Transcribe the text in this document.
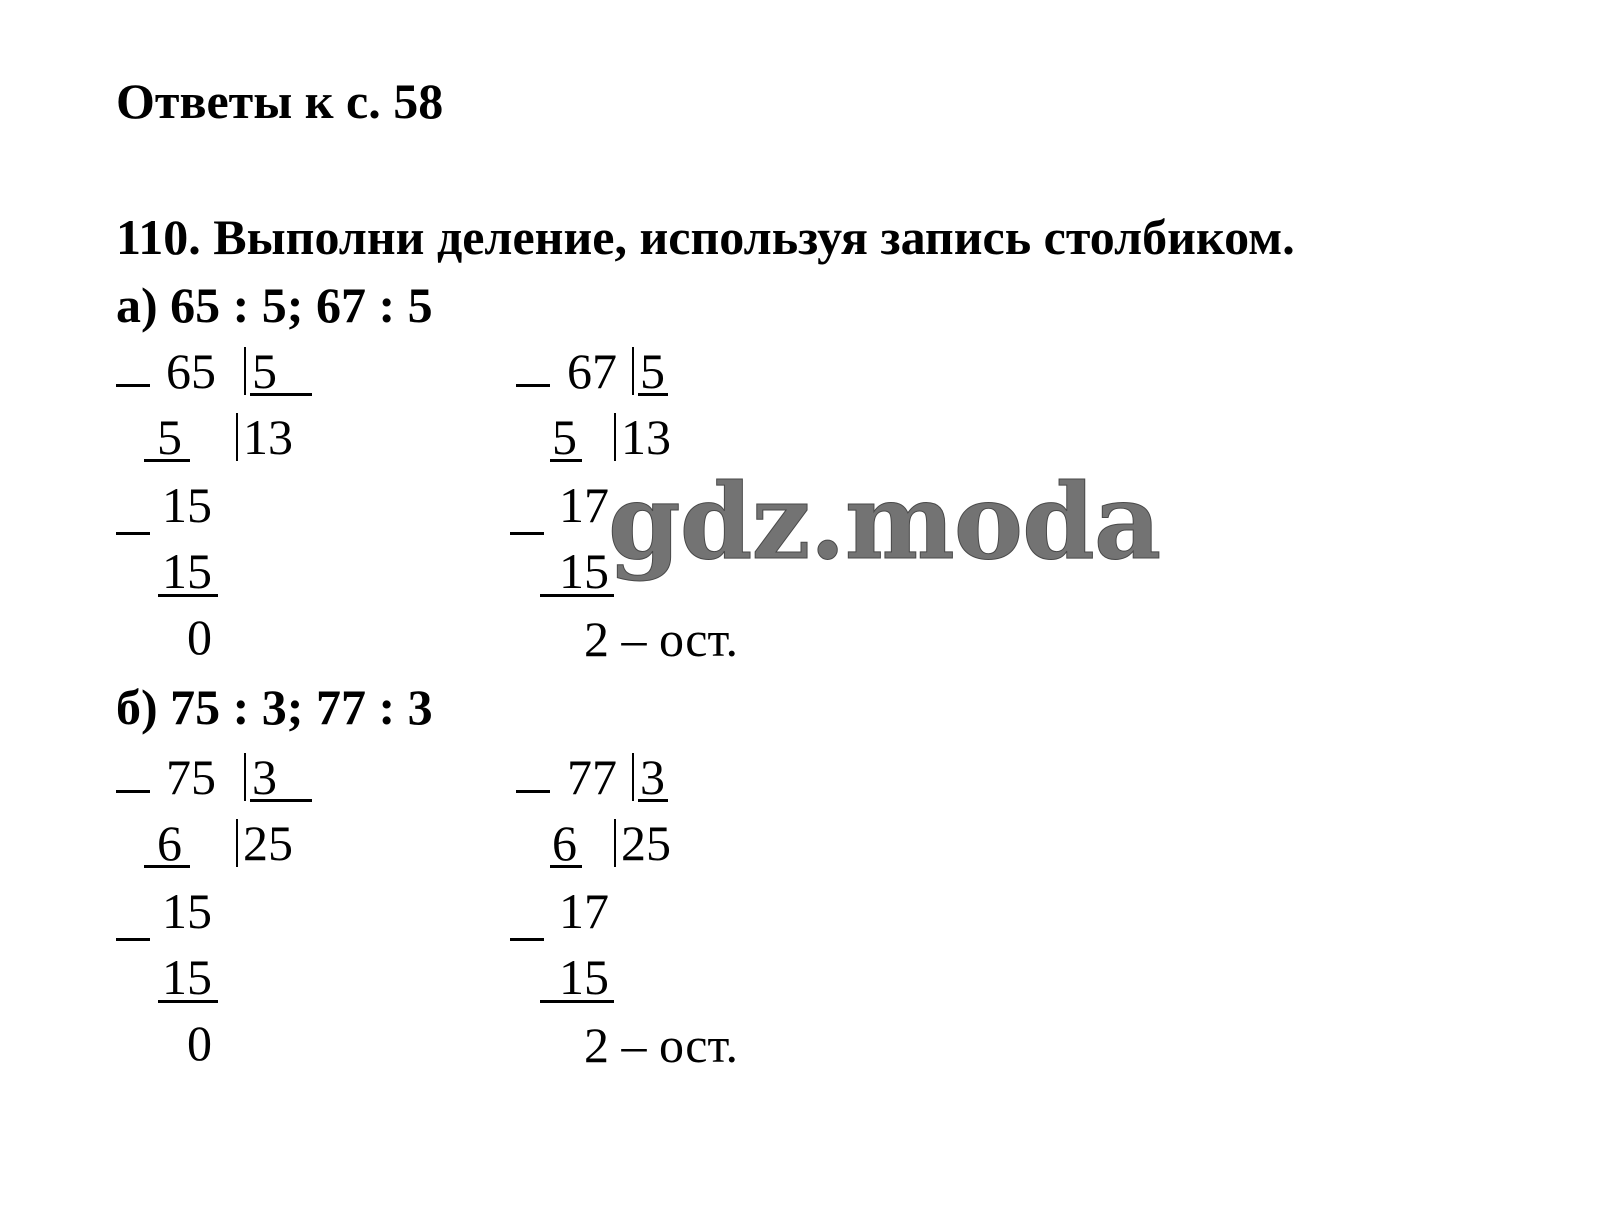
Ответы к с. 58
110. Выполни деление, используя запись столбиком.
а) 65 : 5; 67 : 5
б) 75 : 3; 77 : 3
65 5
5 13
15
15
0
67 5
5 13
17
15
2 – ост.
75 3
6 25
15
15
0
77 3
6 25
17
15
2 – ост.
gdz.moda
